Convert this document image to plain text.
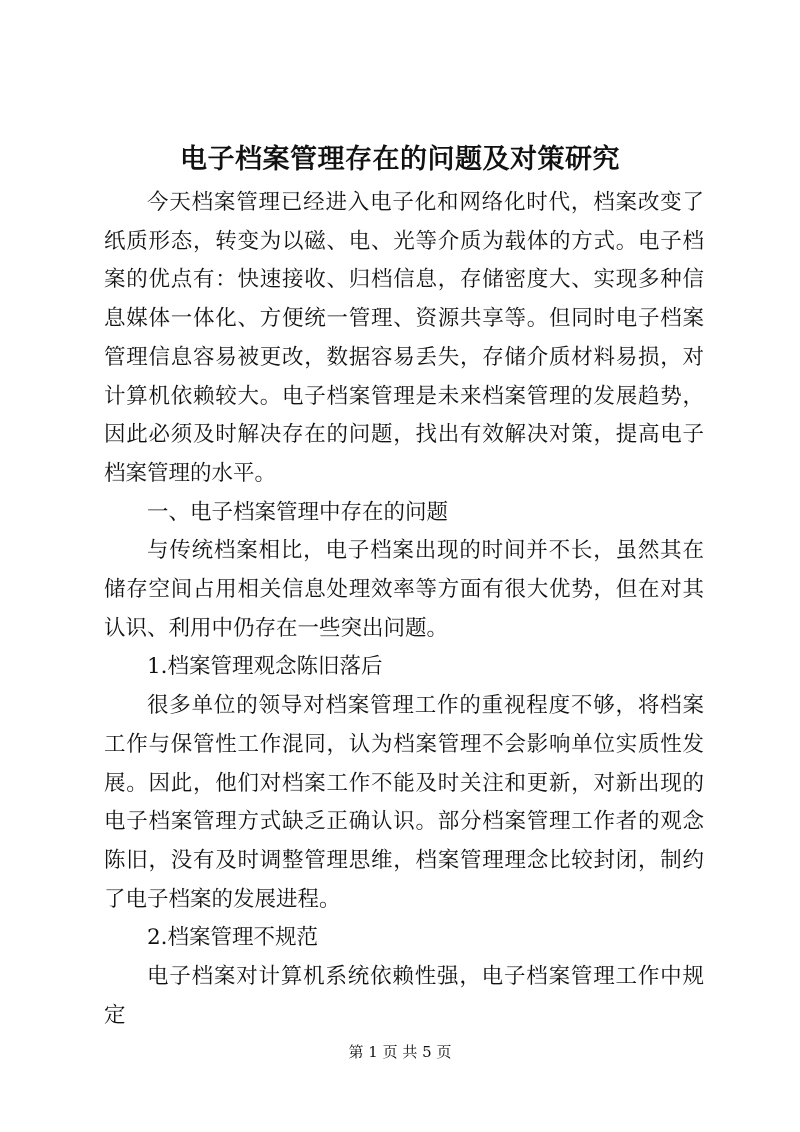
电子档案管理存在的问题及对策研究

今天档案管理已经进入电子化和网络化时代，档案改变了纸质形态，转变为以磁、电、光等介质为载体的方式。电子档案的优点有：快速接收、归档信息，存储密度大、实现多种信息媒体一体化、方便统一管理、资源共享等。但同时电子档案管理信息容易被更改，数据容易丢失，存储介质材料易损，对计算机依赖较大。电子档案管理是未来档案管理的发展趋势，因此必须及时解决存在的问题，找出有效解决对策，提高电子档案管理的水平。

一、电子档案管理中存在的问题

与传统档案相比，电子档案出现的时间并不长，虽然其在储存空间占用相关信息处理效率等方面有很大优势，但在对其认识、利用中仍存在一些突出问题。

1.档案管理观念陈旧落后

很多单位的领导对档案管理工作的重视程度不够，将档案工作与保管性工作混同，认为档案管理不会影响单位实质性发展。因此，他们对档案工作不能及时关注和更新，对新出现的电子档案管理方式缺乏正确认识。部分档案管理工作者的观念陈旧，没有及时调整管理思维，档案管理理念比较封闭，制约了电子档案的发展进程。

2.档案管理不规范

电子档案对计算机系统依赖性强，电子档案管理工作中规定

第 1 页 共 5 页
